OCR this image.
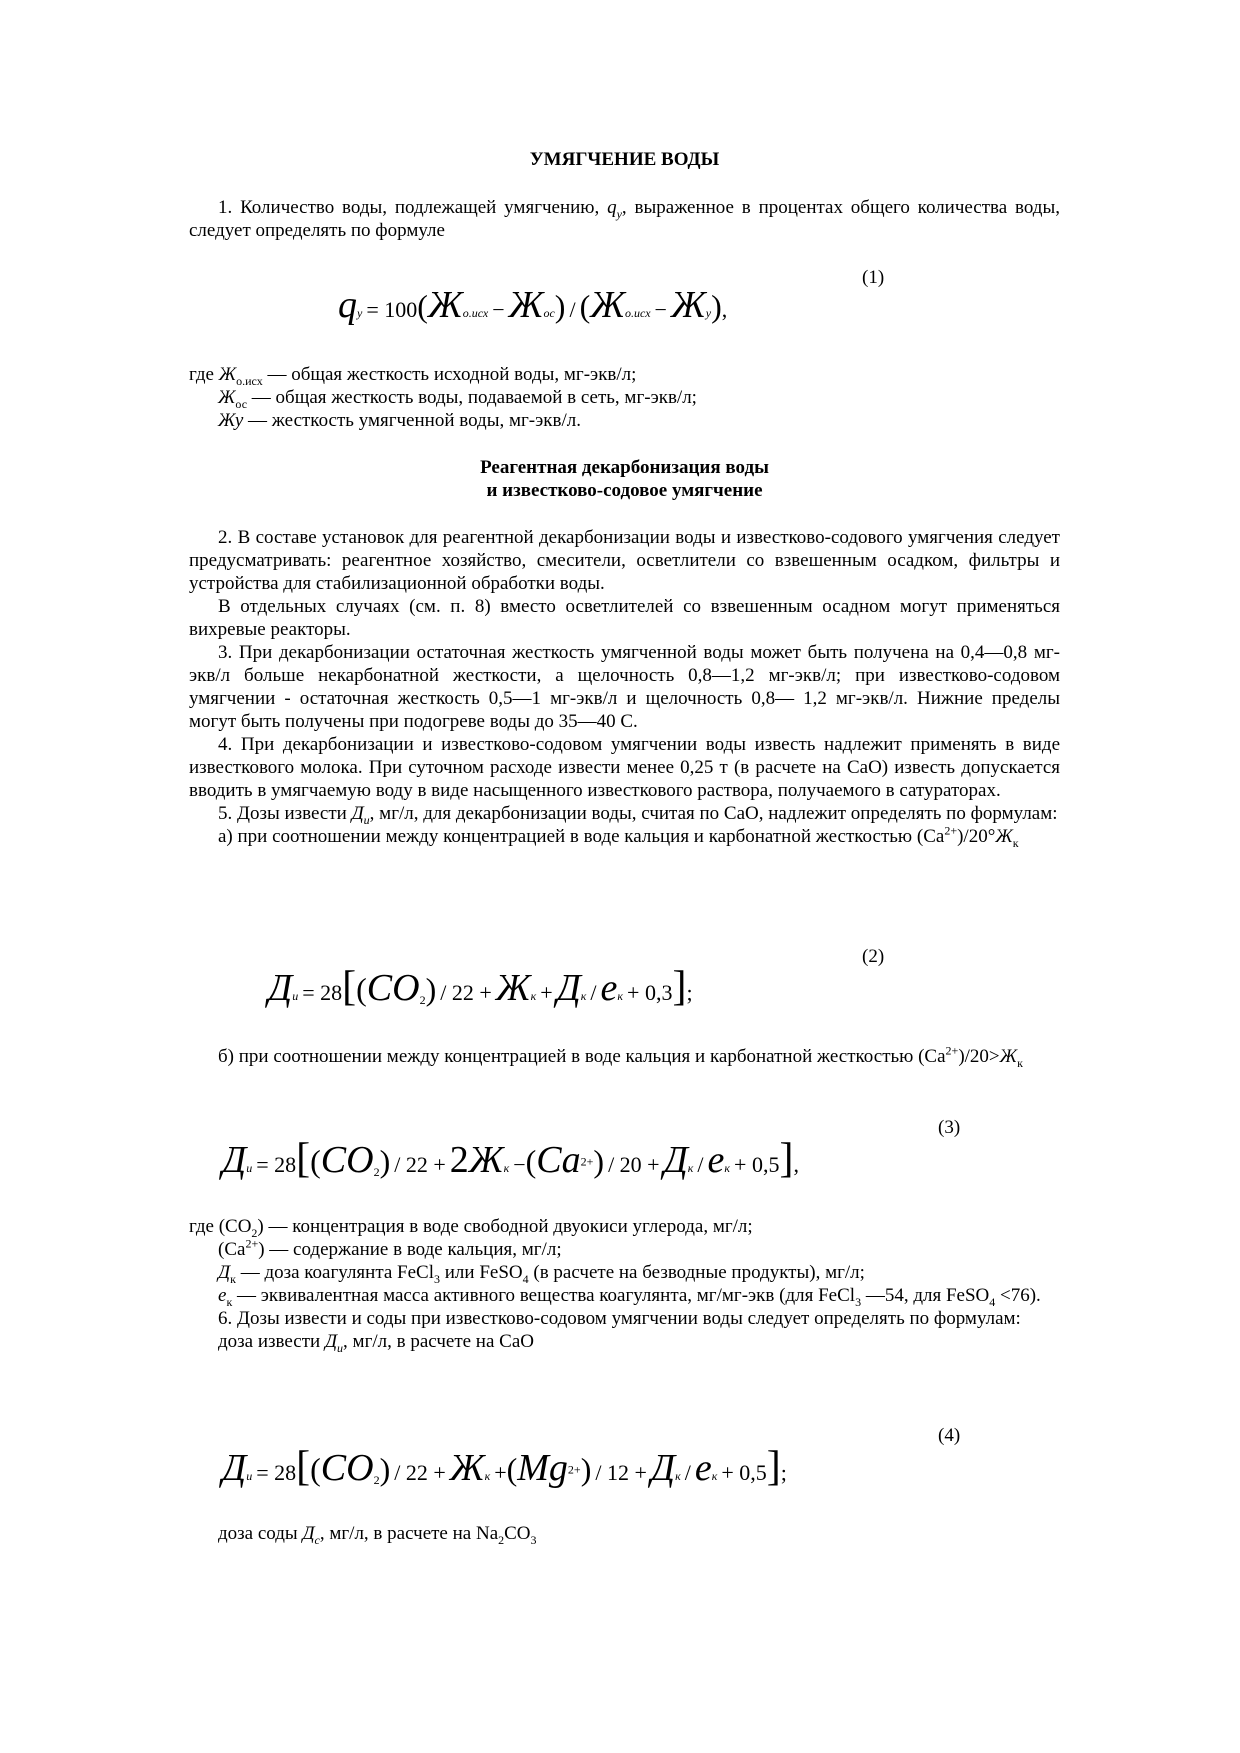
УМЯГЧЕНИЕ ВОДЫ

1. Количество воды, подлежащей умягчению, $q_у$, выраженное в процентах общего количества воды, следует определять по формуле

(1)
qу = 100(Жо.исх − Жос) / (Жо.исх − Жу),

где $Ж_{о.исх}$ — общая жесткость исходной воды, мг-экв/л;

$Ж_{ос}$ — общая жесткость воды, подаваемой в сеть, мг-экв/л;

Жу — жесткость умягченной воды, мг-экв/л.

Реагентная декарбонизация воды
и известково-содовое умягчение

2. В составе установок для реагентной декарбонизации воды и известково-содового умягчения следует предусматривать: реагентное хозяйство, смесители, осветлители со взвешенным осадком, фильтры и устройства для стабилизационной обработки воды.

В отдельных случаях (см. п. 8) вместо осветлителей со взвешенным осадном могут применяться вихревые реакторы.

3. При декарбонизации остаточная жесткость умягченной воды может быть получена на 0,4—0,8 мг-экв/л больше некарбонатной жесткости, а щелочность 0,8—1,2 мг-экв/л; при известково-содовом умягчении - остаточная жесткость 0,5—1 мг-экв/л и щелочность 0,8— 1,2 мг-экв/л. Нижние пределы могут быть получены при подогреве воды до 35—40 С.

4. При декарбонизации и известково-содовом умягчении воды известь надлежит применять в виде известкового молока. При суточном расходе извести менее 0,25 т (в расчете на CaO) известь допускается вводить в умягчаемую воду в виде насыщенного известкового раствора, получаемого в сатураторах.

5. Дозы извести $Д_и$, мг/л, для декарбонизации воды, считая по CaO, надлежит определять по формулам:

а) при соотношении между концентрацией в воде кальция и карбонатной жесткостью $(Ca^{2+})/20^\circ Ж_к$

(2)
Ди = $28[(CO_2) / 22$ + Жк + Дк / eк + 0,3];

б) при соотношении между концентрацией в воде кальция и карбонатной жесткостью $(Ca^{2+})/20>Ж_к$

(3)
Ди = $28[(CO_2) / 22 + 2Жк -(Ca^{2+}) / 20$ + Дк / eк + 0,5],

где $(CO_2)$ — концентрация в воде свободной двуокиси углерода, мг/л;

$(Ca^{2+})$ — содержание в воде кальция, мг/л;

$Д_к$ — доза коагулянта FeCl$_3$ или FeSO$_4$ (в расчете на безводные продукты), мг/л;

$e_к$ — эквивалентная масса активного вещества коагулянта, мг/мг-экв (для FeCl$_3$ —54, для FeSO$_4$ <76).

6. Дозы извести и соды при известково-содовом умягчении воды следует определять по формулам:

доза извести $Д_и$, мг/л, в расчете на CaO

(4)
Ди = $28[(CO_2) / 22$ + Жк $+(Mg^{2+}) / 12$ + Дк / eк + 0,5];

доза соды $Д_с$, мг/л, в расчете на $Na_2CO_3$
